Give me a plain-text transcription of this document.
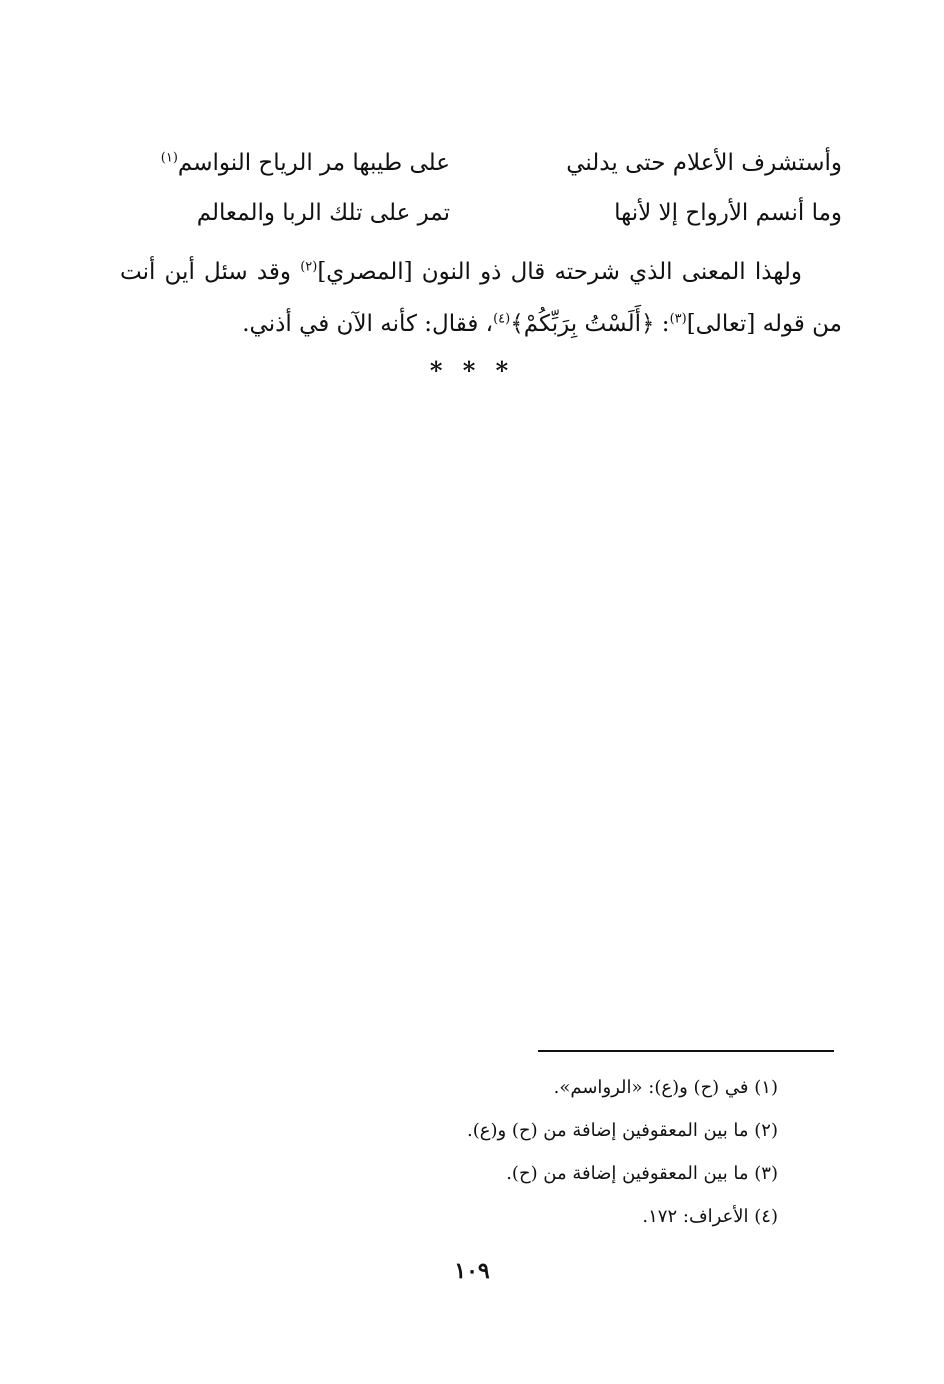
وأستشرف الأعلام حتى يدلني
على طيبها مر الرياح النواسم$^{(١)}$
وما أنسم الأرواح إلا لأنها
تمر على تلك الربا والمعالم

ولهذا المعنى الذي شرحته قال ذو النون [المصري]$^{(٢)}$ وقد سئل أين أنت من قوله [تعالى]$^{(٣)}$: ﴿أَلَسْتُ بِرَبِّكُمْ﴾$^{(٤)}$، فقال: كأنه الآن في أذني.

* * *
(١) في (ح) و(ع): «الرواسم».
(٢) ما بين المعقوفين إضافة من (ح) و(ع).
(٣) ما بين المعقوفين إضافة من (ح).
(٤) الأعراف: ١٧٢.
١٠٩
